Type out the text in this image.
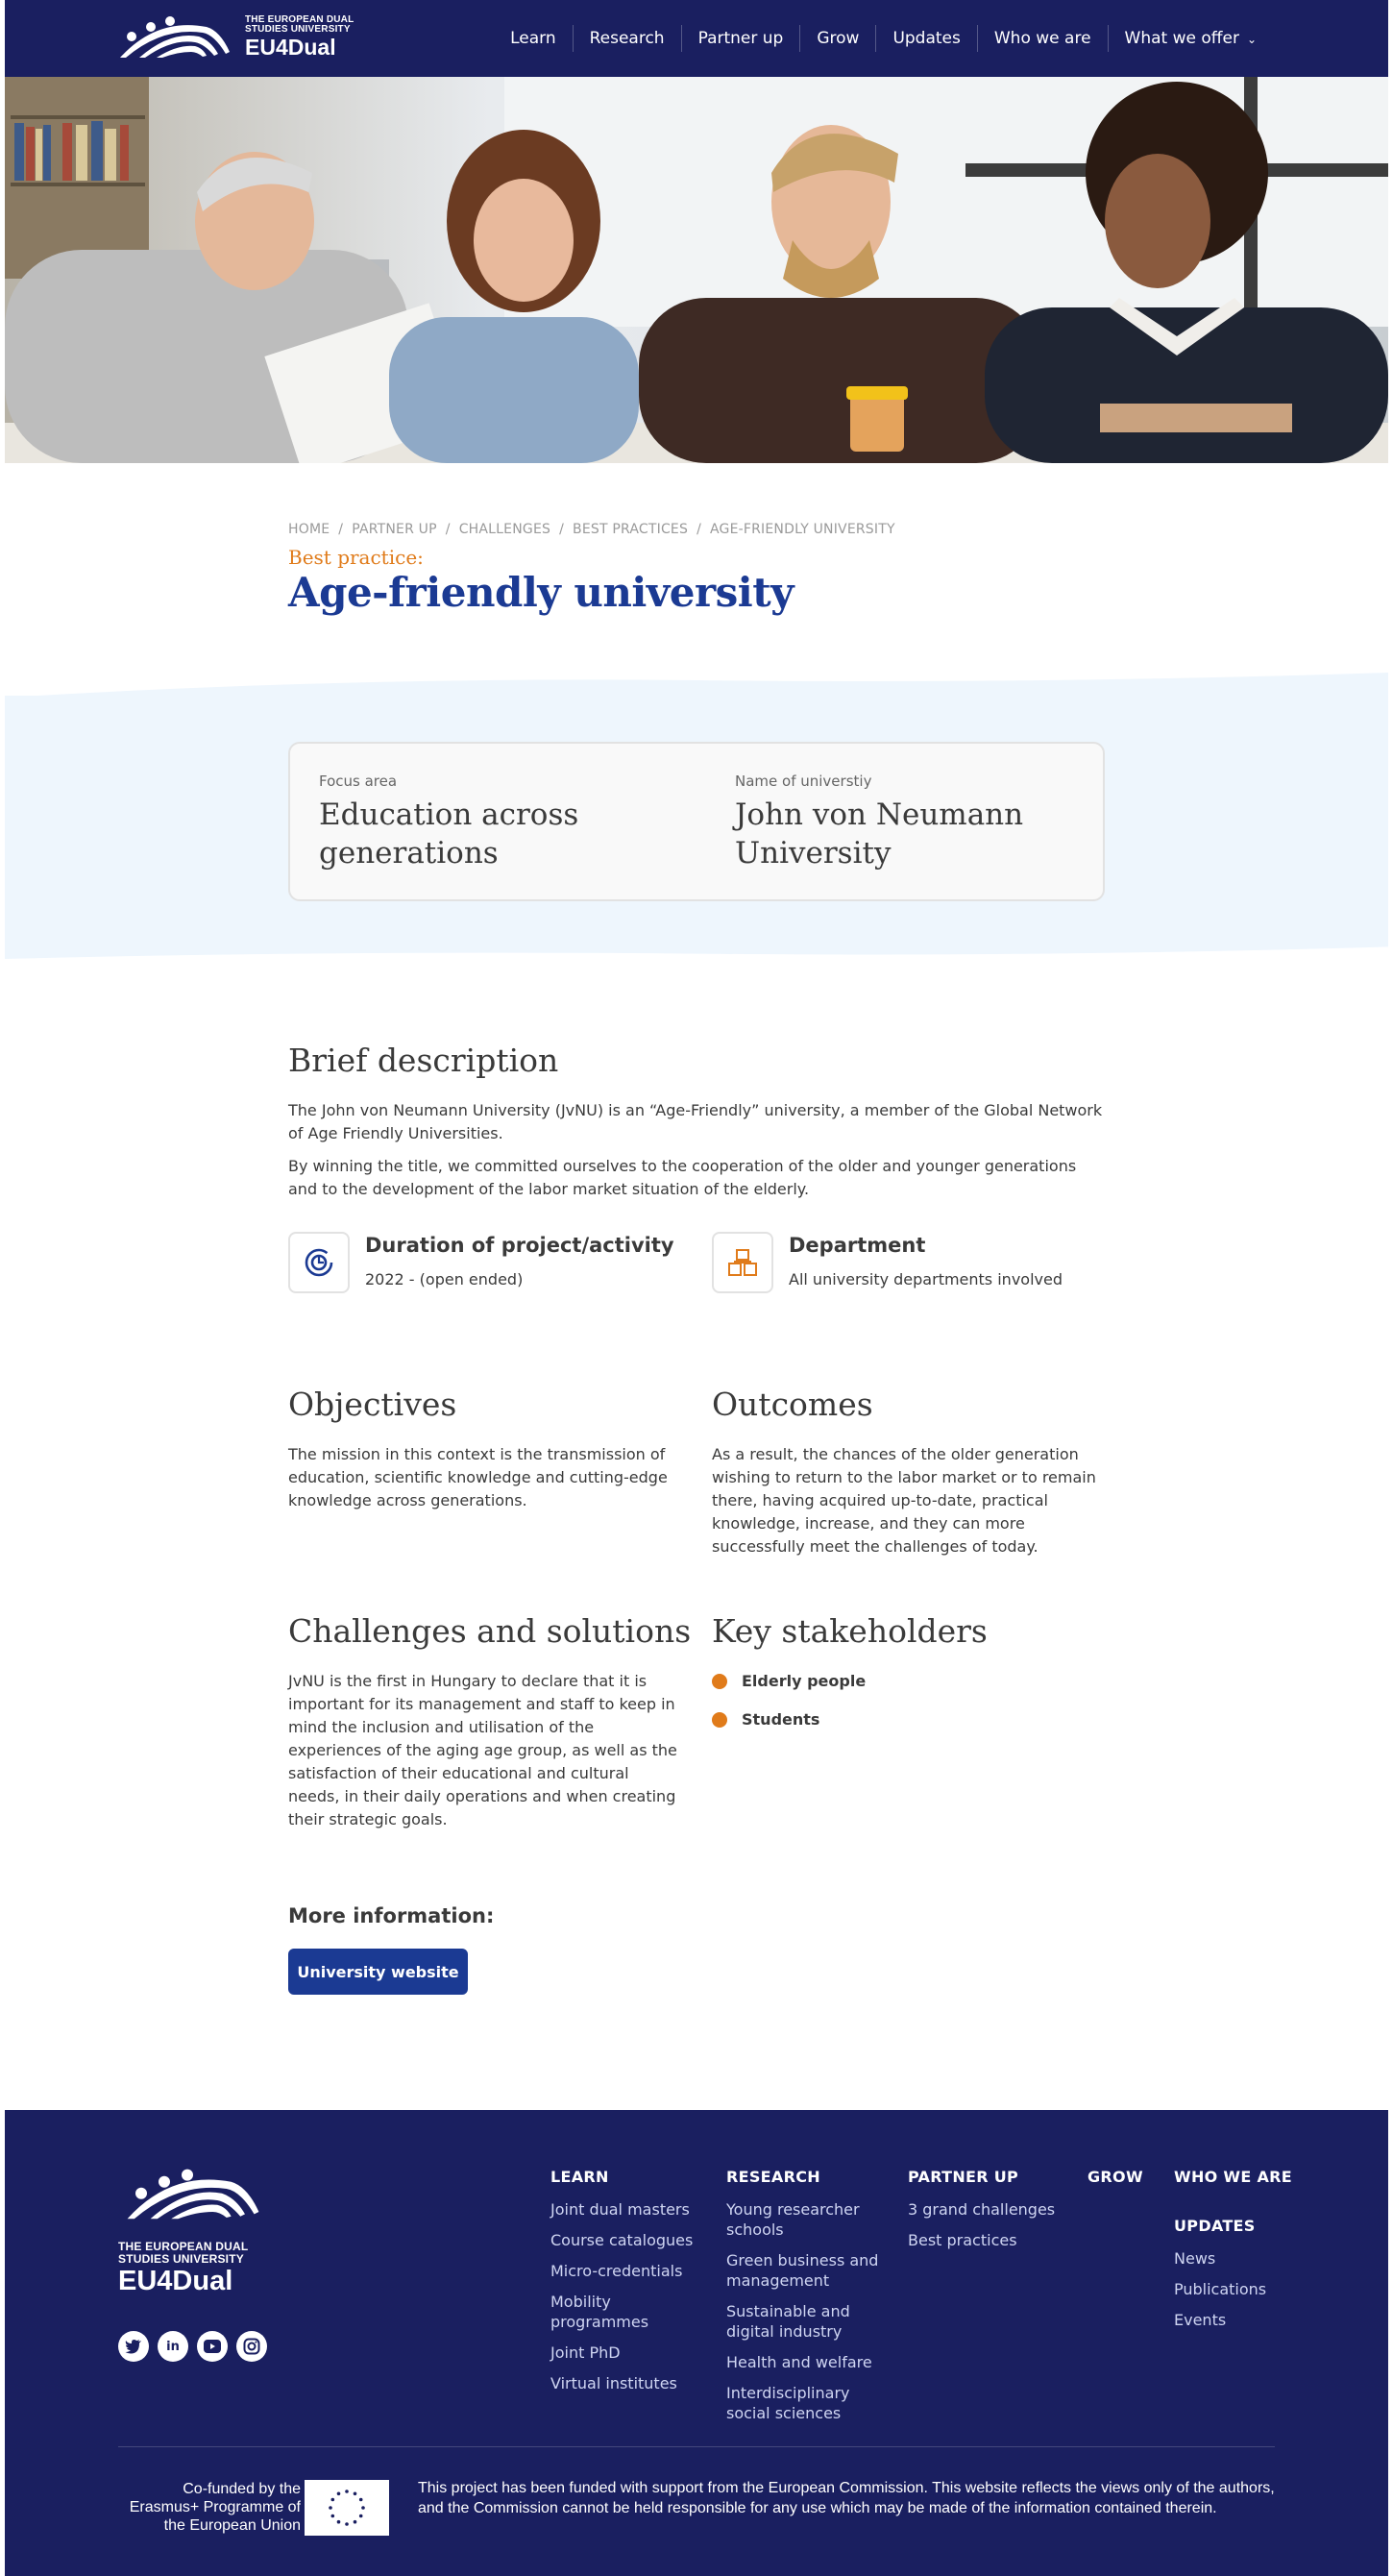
THE EUROPEAN DUAL
STUDIES UNIVERSITY
EU4Dual	Learn	Research	Partner up	Grow	Updates	Who we are	What we offer ⌄
HOME / PARTNER UP / CHALLENGES / BEST PRACTICES / AGE-FRIENDLY UNIVERSITY
Best practice:
Age-friendly university
Focus area
Education across generations
Name of universtiy
John von Neumann University
Brief description
The John von Neumann University (JvNU) is an “Age-Friendly” university, a member of the Global Network of Age Friendly Universities.
By winning the title, we committed ourselves to the cooperation of the older and younger generations and to the development of the labor market situation of the elderly.
Duration of project/activity
2022 - (open ended)
Department
All university departments involved
Objectives
The mission in this context is the transmission of education, scientific knowledge and cutting-edge knowledge across generations.
Outcomes
As a result, the chances of the older generation wishing to return to the labor market or to remain there, having acquired up-to-date, practical knowledge, increase, and they can more successfully meet the challenges of today.
Challenges and solutions
JvNU is the first in Hungary to declare that it is important for its management and staff to keep in mind the inclusion and utilisation of the experiences of the aging age group, as well as the satisfaction of their educational and cultural needs, in their daily operations and when creating their strategic goals.
Key stakeholders
Elderly people
Students
More information:
University website
THE EUROPEAN DUAL
STUDIES UNIVERSITY
EU4Dual
in
LEARN
Joint dual masters
Course catalogues
Micro-credentials
Mobility programmes
Joint PhD
Virtual institutes
RESEARCH
Young researcher schools
Green business and management
Sustainable and digital industry
Health and welfare
Interdisciplinary social sciences
PARTNER UP
3 grand challenges
Best practices
GROW	WHO WE ARE
UPDATES
News
Publications
Events
Co-funded by the Erasmus+ Programme of the European Union
This project has been funded with support from the European Commission. This website reflects the views only of the authors, and the Commission cannot be held responsible for any use which may be made of the information contained therein.
